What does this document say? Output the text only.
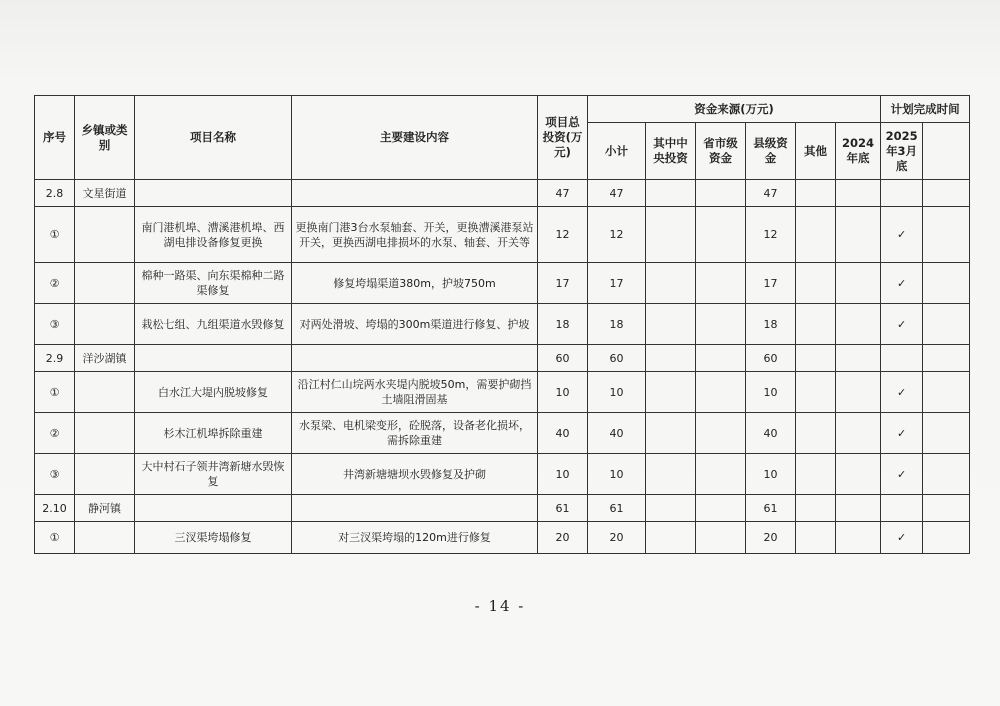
序号	乡镇或类别	项目名称	主要建设内容	项目总投资(万元)	资金来源(万元)						计划完成时间	
					小计	其中中央投资	省市级资金	县级资金	其他	2024年底	2025年3月底		
2.8	文星街道			47	47			47					
①		南门港机埠、漕溪港机埠、西湖电排设备修复更换	更换南门港3台水泵轴套、开关，更换漕溪港泵站开关，更换西湖电排损坏的水泵、轴套、开关等	12	12			12			✓		
②		棉种一路渠、向东渠棉种二路渠修复	修复垮塌渠道380m，护坡750m	17	17			17			✓		
③		栽松七组、九组渠道水毁修复	对两处滑坡、垮塌的300m渠道进行修复、护坡	18	18			18			✓		
2.9	洋沙湖镇			60	60			60					
①		白水江大堤内脱坡修复	沿江村仁山垸两水夹堤内脱坡50m，需要护砌挡土墙阻滑固基	10	10			10			✓		
②		杉木江机埠拆除重建	水泵梁、电机梁变形，砼脱落，设备老化损坏，需拆除重建	40	40			40			✓		
③		大中村石子领井湾新塘水毁恢复	井湾新塘塘坝水毁修复及护砌	10	10			10			✓		
2.10	静河镇			61	61			61					
①		三汊渠垮塌修复	对三汊渠垮塌的120m进行修复	20	20			20			✓		
- 14 -
